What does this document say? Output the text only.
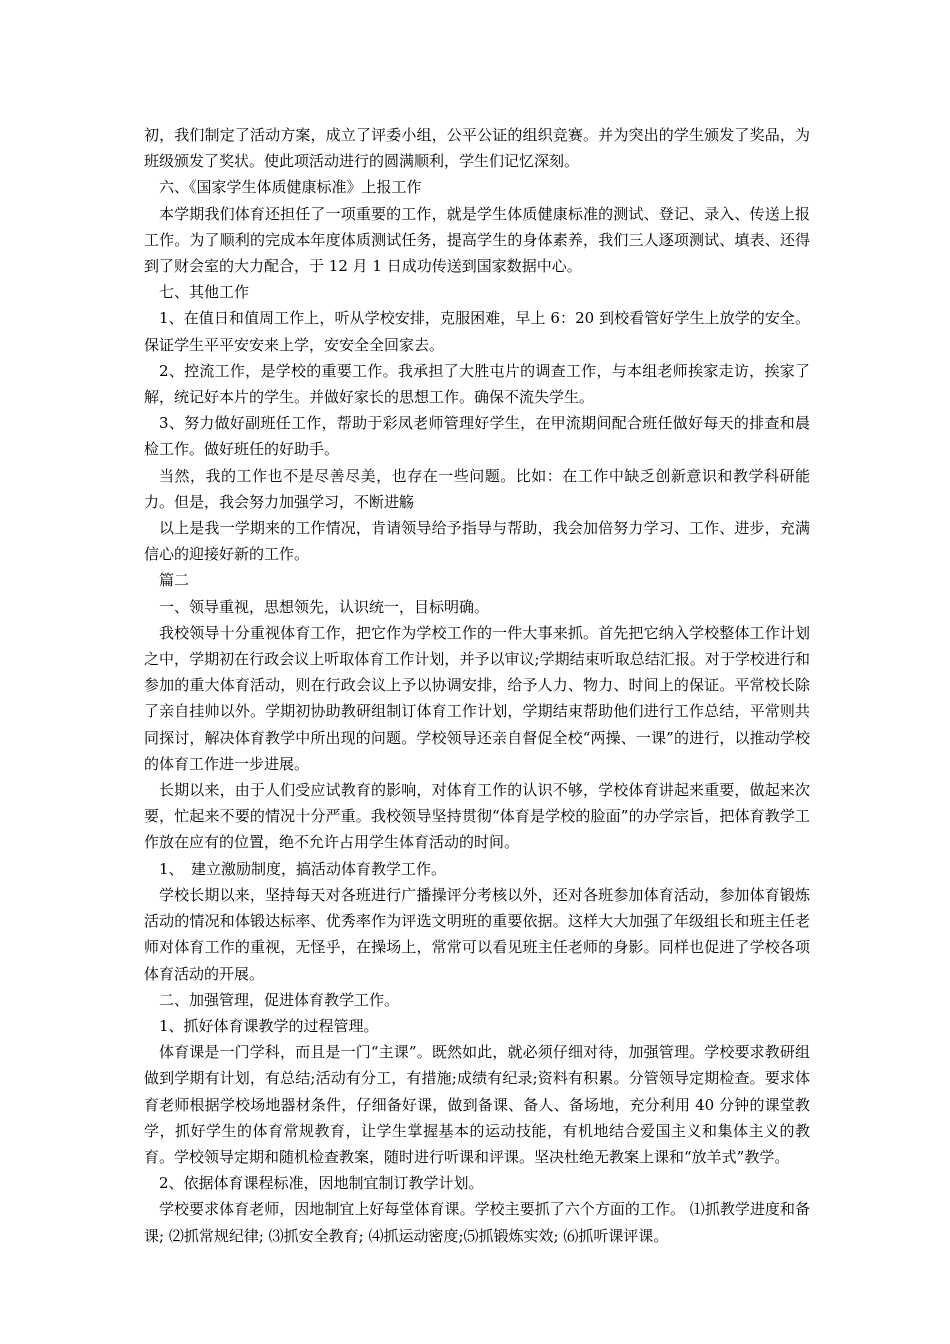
初，我们制定了活动方案，成立了评委小组，公平公证的组织竞赛。并为突出的学生颁发了奖品，为班级颁发了奖状。使此项活动进行的圆满顺利，学生们记忆深刻。

六、《国家学生体质健康标准》上报工作

本学期我们体育还担任了一项重要的工作，就是学生体质健康标准的测试、登记、录入、传送上报工作。为了顺利的完成本年度体质测试任务，提高学生的身体素养，我们三人逐项测试、填表、还得到了财会室的大力配合，于 12 月 1 日成功传送到国家数据中心。

七、其他工作

1、在值日和值周工作上，听从学校安排，克服困难，早上 6：20 到校看管好学生上放学的安全。保证学生平平安安来上学，安安全全回家去。

2、控流工作，是学校的重要工作。我承担了大胜屯片的调查工作，与本组老师挨家走访，挨家了解，统记好本片的学生。并做好家长的思想工作。确保不流失学生。

3、努力做好副班任工作，帮助于彩凤老师管理好学生，在甲流期间配合班任做好每天的排查和晨检工作。做好班任的好助手。

当然，我的工作也不是尽善尽美，也存在一些问题。比如：在工作中缺乏创新意识和教学科研能力。但是，我会努力加强学习，不断进觞

以上是我一学期来的工作情况，肯请领导给予指导与帮助，我会加倍努力学习、工作、进步，充满信心的迎接好新的工作。

篇二

一、领导重视，思想领先，认识统一，目标明确。

我校领导十分重视体育工作，把它作为学校工作的一件大事来抓。首先把它纳入学校整体工作计划之中，学期初在行政会议上听取体育工作计划，并予以审议;学期结束听取总结汇报。对于学校进行和参加的重大体育活动，则在行政会议上予以协调安排，给予人力、物力、时间上的保证。平常校长除了亲自挂帅以外。学期初协助教研组制订体育工作计划，学期结束帮助他们进行工作总结，平常则共同探讨，解决体育教学中所出现的问题。学校领导还亲自督促全校“两操、一课”的进行，以推动学校的体育工作进一步进展。

长期以来，由于人们受应试教育的影响，对体育工作的认识不够，学校体育讲起来重要，做起来次要，忙起来不要的情况十分严重。我校领导坚持贯彻“体育是学校的脸面”的办学宗旨，把体育教学工作放在应有的位置，绝不允许占用学生体育活动的时间。

1、　建立激励制度，搞活动体育教学工作。

学校长期以来，坚持每天对各班进行广播操评分考核以外，还对各班参加体育活动，参加体育锻炼活动的情况和体锻达标率、优秀率作为评选文明班的重要依据。这样大大加强了年级组长和班主任老师对体育工作的重视，无怪乎，在操场上，常常可以看见班主任老师的身影。同样也促进了学校各项体育活动的开展。

二、加强管理，促进体育教学工作。

1、抓好体育课教学的过程管理。

体育课是一门学科，而且是一门“主课”。既然如此，就必须仔细对待，加强管理。学校要求教研组做到学期有计划，有总结;活动有分工，有措施;成绩有纪录;资料有积累。分管领导定期检查。要求体育老师根据学校场地器材条件，仔细备好课，做到备课、备人、备场地，充分利用 40 分钟的课堂教学，抓好学生的体育常规教育，让学生掌握基本的运动技能，有机地结合爱国主义和集体主义的教育。学校领导定期和随机检查教案，随时进行听课和评课。坚决杜绝无教案上课和“放羊式”教学。

2、依据体育课程标准，因地制宜制订教学计划。

学校要求体育老师，因地制宜上好每堂体育课。学校主要抓了六个方面的工作。 ⑴抓教学进度和备课; ⑵抓常规纪律; ⑶抓安全教育; ⑷抓运动密度;⑸抓锻炼实效; ⑹抓听课评课。
